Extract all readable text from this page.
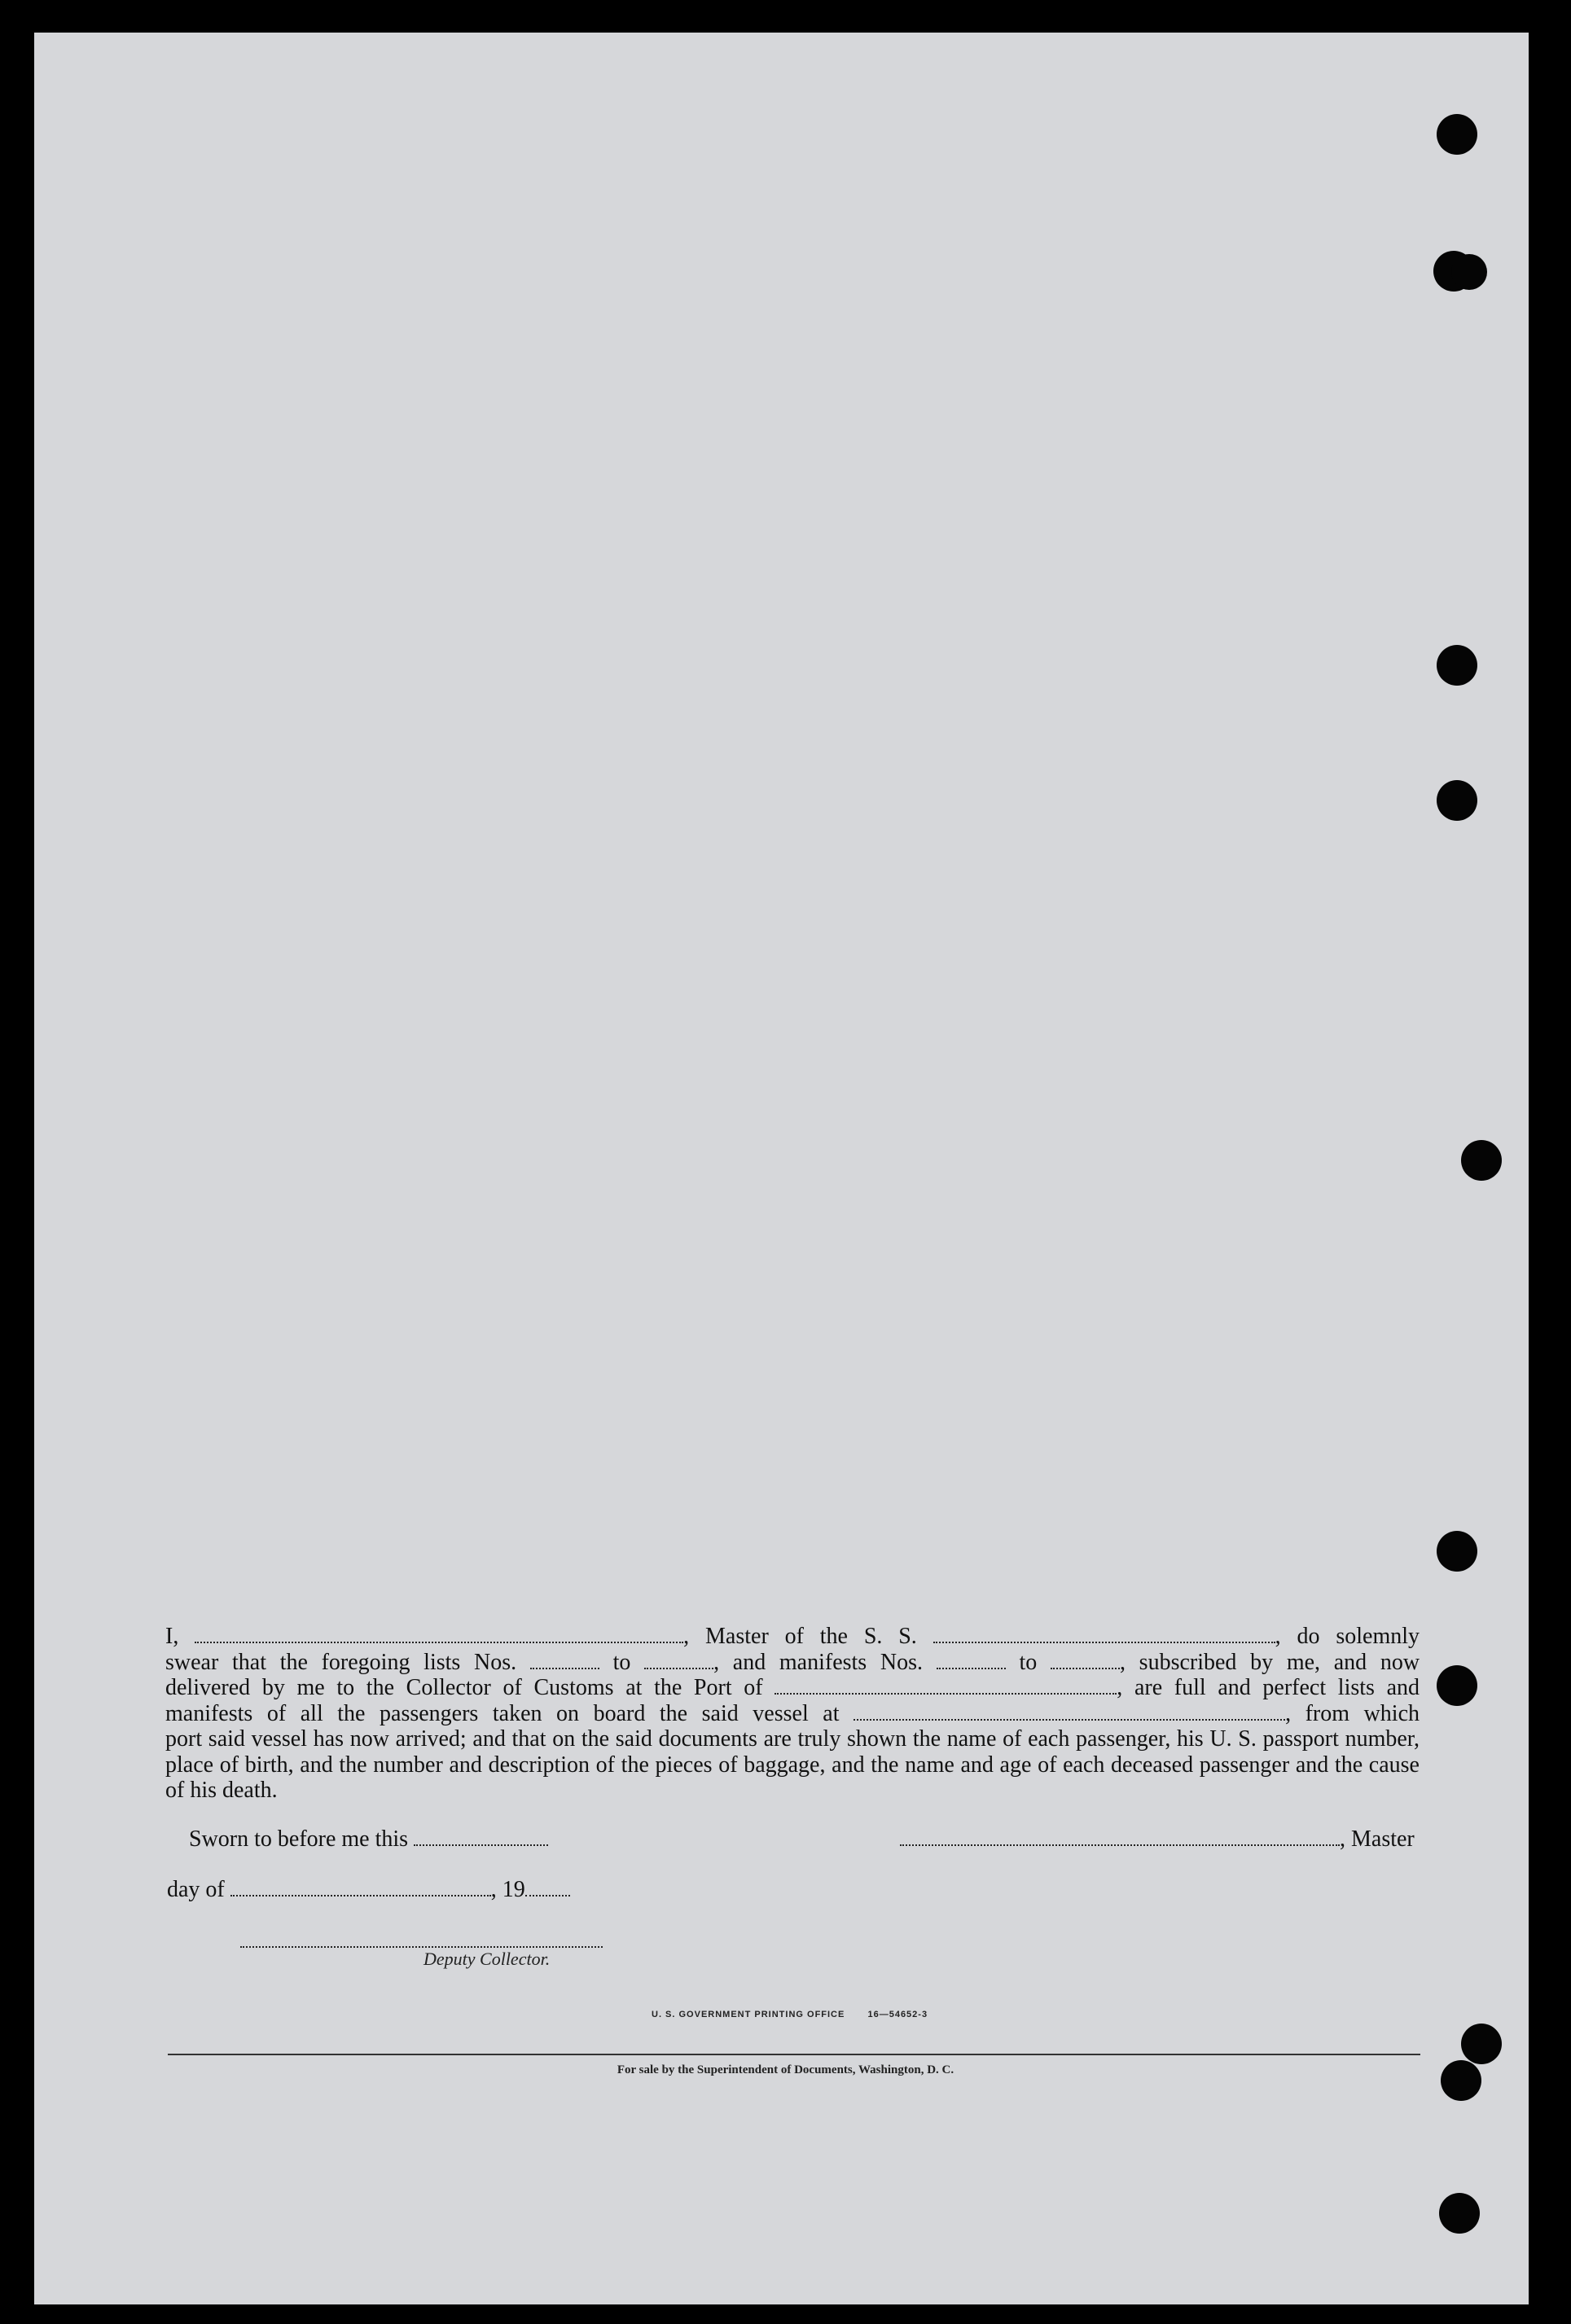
I,	, Master of the S. S.	, do solemnly

swear that the foregoing lists Nos.	to	, and manifests Nos.	to	, subscribed by me, and now

delivered by me to the Collector of Customs at the Port of	, are full and perfect lists and

manifests of all the passengers taken on board the said vessel at	, from which

port said vessel has now arrived; and that on the said documents are truly shown the name of each passenger, his U. S. passport number, place of birth, and the number and description of the pieces of baggage, and the name and age of each deceased passenger and the cause of his death.

Sworn to before me this	, Master
day of	, 19
Deputy Collector.
U. S. GOVERNMENT PRINTING OFFICE	16—54652-3
For sale by the Superintendent of Documents, Washington, D. C.
